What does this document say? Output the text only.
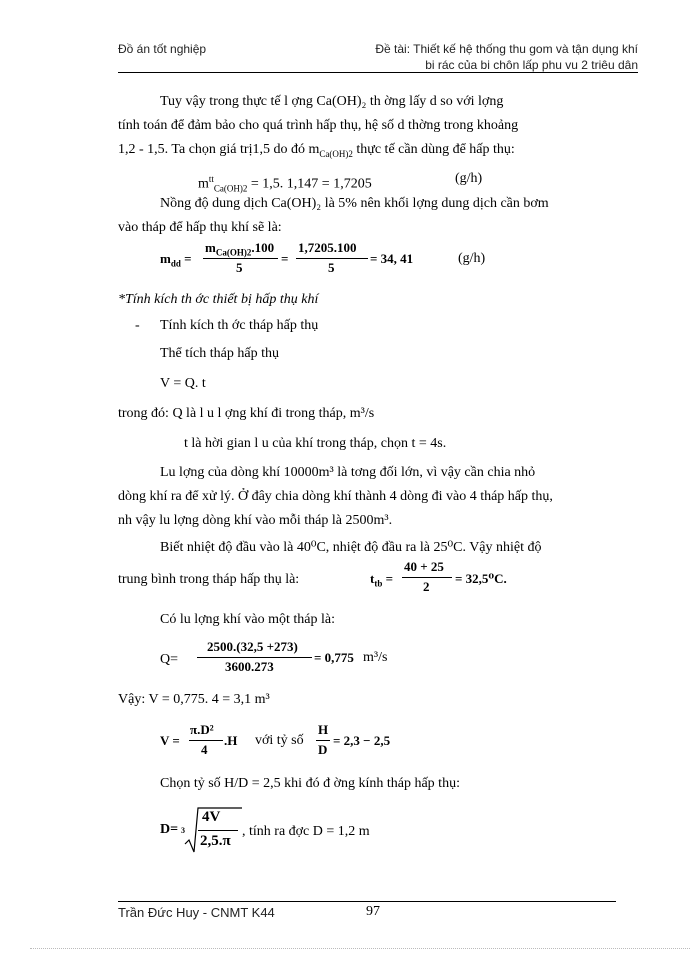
Đồ án tốt nghiệp	Đề tài: Thiết kế hệ thống thu gom và tận dụng khí
bi rác của bi chôn lấp phu vu 2 triêu dân
Tuy vậy trong thực tế l ợng Ca(OH)₂ th ờng lấy d so với lợng
tính toán để đảm bảo cho quá trình hấp thụ, hệ số d thờng trong khoảng
1,2 - 1,5. Ta chọn giá trị1,5 do đó $m_{Ca(OH)2}$ thực tế cần dùng để hấp thụ:
$m^{tt}_{Ca(OH)2} = 1,5$. 1,147 = 1,7205	(g/h)
Nồng độ dung dịch Ca(OH)₂ là 5% nên khối lợng dung dịch cần bơm
vào tháp để hấp thụ khí sẽ là:
$m_{dd}$ =
$m_{Ca(OH)2}.100$
5
=
1,7205.100
5
= 34, 41	(g/h)
*Tính kích th ớc thiết bị hấp thụ khí
- Tính kích th ớc tháp hấp thụ
Thể tích tháp hấp thụ
V = Q. t
trong đó: Q là l u l ợng khí đi trong tháp, m³/s
t là hời gian l u của khí trong tháp, chọn t = 4s.
Lu lợng của dòng khí 10000m³ là tơng đối lớn, vì vậy cần chia nhỏ
dòng khí ra để xử lý. Ở đây chia dòng khí thành 4 dòng đi vào 4 tháp hấp thụ,
nh vậy lu lợng dòng khí vào mỗi tháp là 2500m³.
Biết nhiệt độ đầu vào là 40⁰C, nhiệt độ đầu ra là 25⁰C. Vậy nhiệt độ
trung bình trong tháp hấp thụ là:	$t_{tb}$ =
40 + 25
2
= 32,5⁰C.
Có lu lợng khí vào một tháp là:
Q=
2500.(32,5 +273)
3600.273
= 0,775 m³/s
Vậy: V = 0,775. 4 = 3,1 m³
V =
π.D²
4
.H với tỷ số
H
D
= 2,3 − 2,5
Chọn tỷ số H/D = 2,5 khi đó đ ờng kính tháp hấp thụ:
D= 3
4V
2,5.π
, tính ra đợc D = 1,2 m
Trần Đức Huy - CNMT K44	97
